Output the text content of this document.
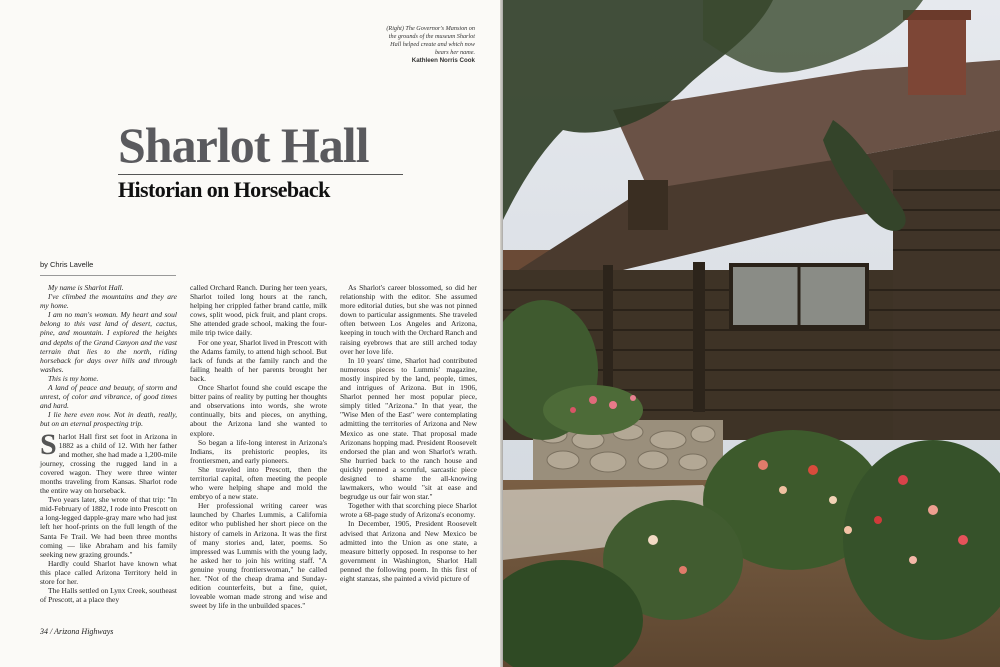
(Right) The Governor's Mansion on the grounds of the museum Sharlot Hall helped create and which now bears her name.
Kathleen Norris Cook
Sharlot Hall
Historian on Horseback
by Chris Lavelle

My name is Sharlot Hall.

I've climbed the mountains and they are my home.

I am no man's woman. My heart and soul belong to this vast land of desert, cactus, pine, and mountain. I explored the heights and depths of the Grand Canyon and the vast terrain that lies to the north, riding horseback for days over hills and through washes.

This is my home.

A land of peace and beauty, of storm and unrest, of color and vibrance, of good times and hard.

I lie here even now. Not in death, really, but on an eternal prospecting trip.

Sharlot Hall first set foot in Arizona in 1882 as a child of 12. With her father and mother, she had made a 1,200-mile journey, crossing the rugged land in a covered wagon. They were three winter months traveling from Kansas. Sharlot rode the entire way on horseback.

Two years later, she wrote of that trip: "In mid-February of 1882, I rode into Prescott on a long-legged dapple-gray mare who had just left her hoof-prints on the full length of the Santa Fe Trail. We had been three months coming — like Abraham and his family seeking new grazing grounds."

Hardly could Sharlot have known what this place called Arizona Territory held in store for her.

The Halls settled on Lynx Creek, southeast of Prescott, at a place they

called Orchard Ranch. During her teen years, Sharlot toiled long hours at the ranch, helping her crippled father brand cattle, milk cows, split wood, pick fruit, and plant crops. She attended grade school, making the four-mile trip twice daily.

For one year, Sharlot lived in Prescott with the Adams family, to attend high school. But lack of funds at the family ranch and the failing health of her parents brought her back.

Once Sharlot found she could escape the bitter pains of reality by putting her thoughts and observations into words, she wrote continually, bits and pieces, on anything, about the Arizona land she wanted to explore.

So began a life-long interest in Arizona's Indians, its prehistoric peoples, its frontiersmen, and early pioneers.

She traveled into Prescott, then the territorial capital, often meeting the people who were helping shape and mold the embryo of a new state.

Her professional writing career was launched by Charles Lummis, a California editor who published her short piece on the history of camels in Arizona. It was the first of many stories and, later, poems. So impressed was Lummis with the young lady, he asked her to join his writing staff. "A genuine young frontierswoman," he called her. "Not of the cheap drama and Sunday-edition counterfeits, but a fine, quiet, loveable woman made strong and wise and sweet by life in the unbuilded spaces."

As Sharlot's career blossomed, so did her relationship with the editor. She assumed more editorial duties, but she was not pinned down to particular assignments. She traveled often between Los Angeles and Arizona, keeping in touch with the Orchard Ranch and raising eyebrows that are still arched today over her love life.

In 10 years' time, Sharlot had contributed numerous pieces to Lummis' magazine, mostly inspired by the land, people, times, and intrigues of Arizona. But in 1906, Sharlot penned her most popular piece, simply titled "Arizona." In that year, the "Wise Men of the East" were contemplating admitting the territories of Arizona and New Mexico as one state. That proposal made Arizonans hopping mad. President Roosevelt endorsed the plan and won Sharlot's wrath. She hurried back to the ranch house and quickly penned a scornful, sarcastic piece designed to shame the all-knowing lawmakers, who would "sit at ease and begrudge us our fair won star."

Together with that scorching piece Sharlot wrote a 68-page study of Arizona's economy.

In December, 1905, President Roosevelt advised that Arizona and New Mexico be admitted into the Union as one state, a measure bitterly opposed. In response to her government in Washington, Sharlot Hall penned the following poem. In this first of eight stanzas, she painted a vivid picture of

34 / Arizona Highways
